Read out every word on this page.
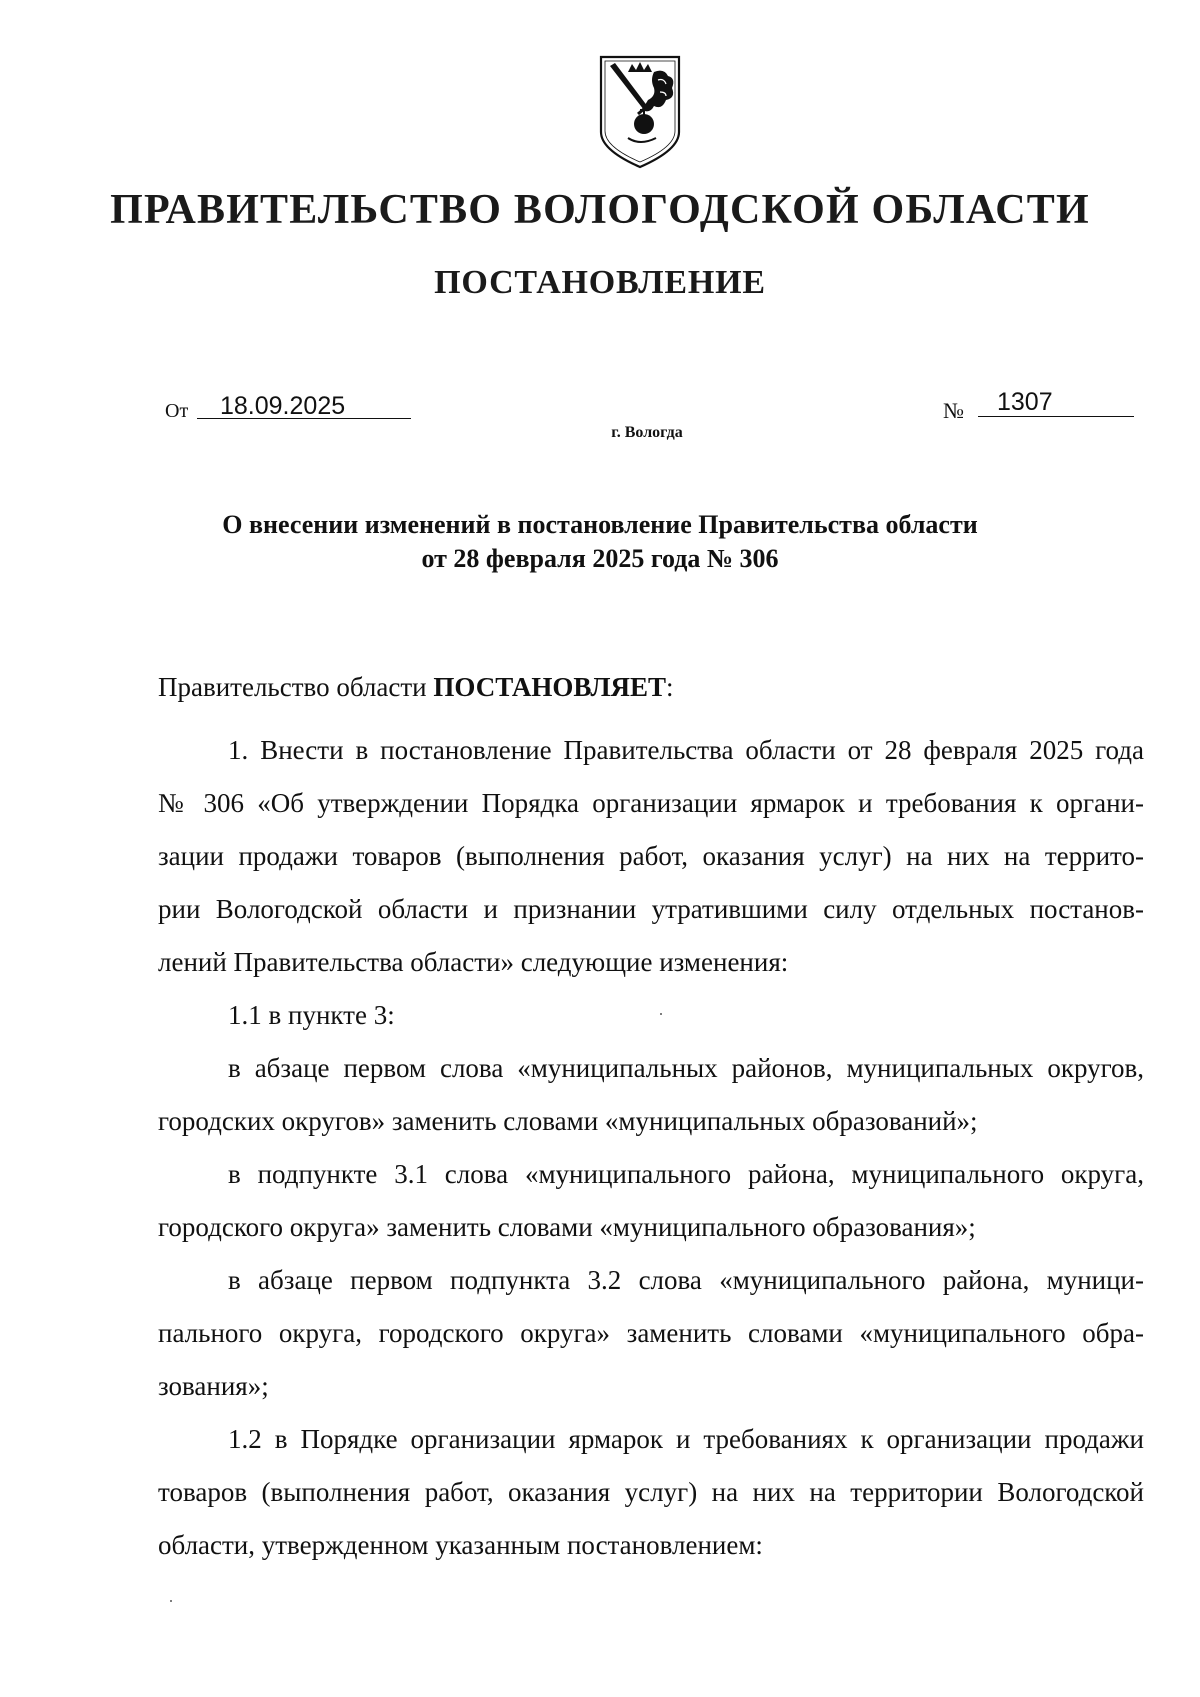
ПРАВИТЕЛЬСТВО ВОЛОГОДСКОЙ ОБЛАСТИ
ПОСТАНОВЛЕНИЕ
От 18.09.2025	№ 1307
г. Вологда
О внесении изменений в постановление Правительства области
от 28 февраля 2025 года № 306
Правительство области ПОСТАНОВЛЯЕТ:
1. Внести в постановление Правительства области от 28 февраля 2025 года
№ 306 «Об утверждении Порядка организации ярмарок и требования к органи-
зации продажи товаров (выполнения работ, оказания услуг) на них на террито-
рии Вологодской области и признании утратившими силу отдельных постанов-
лений Правительства области» следующие изменения:
1.1 в пункте 3:
в абзаце первом слова «муниципальных районов, муниципальных округов,
городских округов» заменить словами «муниципальных образований»;
в подпункте 3.1 слова «муниципального района, муниципального округа,
городского округа» заменить словами «муниципального образования»;
в абзаце первом подпункта 3.2 слова «муниципального района, муници-
пального округа, городского округа» заменить словами «муниципального обра-
зования»;
1.2 в Порядке организации ярмарок и требованиях к организации продажи
товаров (выполнения работ, оказания услуг) на них на территории Вологодской
области, утвержденном указанным постановлением:
